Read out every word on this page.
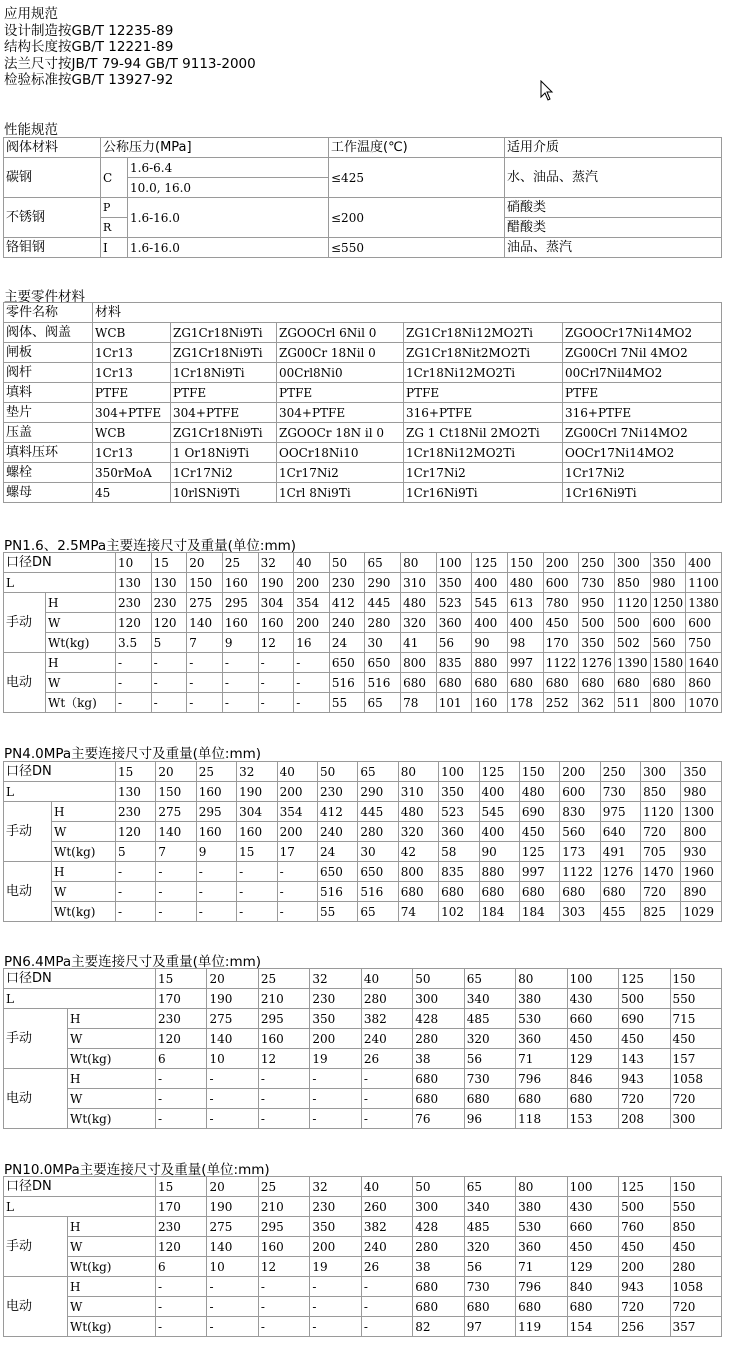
应用规范
设计制造按GB/T 12235-89
结构长度按GB/T 12221-89
法兰尺寸按JB/T 79-94 GB/T 9113-2000
检验标准按GB/T 13927-92
性能规范
阀体材料	公称压力(MPa]		工作温度(℃)	适用介质
碳钢	C	1.6-6.4	≤425	水、油品、蒸汽
		10.0, 16.0		
不锈钢	P	1.6-16.0	≤200	硝酸类
	R			醋酸类
铬钼钢	I	1.6-16.0	≤550	油品、蒸汽
主要零件材料
零件名称	材料				
阀体、阀盖	WCB	ZG1Cr18Ni9Ti	ZGOOCrl 6Nil 0	ZG1Cr18Ni12MO2Ti	ZGOOCr17Ni14MO2
闸板	1Cr13	ZG1Cr18Ni9Ti	ZG00Cr 18Nil 0	ZG1Cr18Nit2MO2Ti	ZG00Crl 7Nil 4MO2
阀杆	1Cr13	1Cr18Ni9Ti	00Crl8Ni0	1Cr18Ni12MO2Ti	00Crl7Nil4MO2
填料	PTFE	PTFE	PTFE	PTFE	PTFE
垫片	304+PTFE	304+PTFE	304+PTFE	316+PTFE	316+PTFE
压盖	WCB	ZG1Cr18Ni9Ti	ZGOOCr 18N il 0	ZG 1 Ct18Nil 2MO2Ti	ZG00Crl 7Ni14MO2
填料压环	1Cr13	1 Or18Ni9Ti	OOCr18Ni10	1Cr18Ni12MO2Ti	OOCr17Ni14MO2
螺栓	350rMoA	1Cr17Ni2	1Cr17Ni2	1Cr17Ni2	1Cr17Ni2
螺母	45	10rlSNi9Ti	1Crl 8Ni9Ti	1Cr16Ni9Ti	1Cr16Ni9Ti
PN1.6、2.5MPa主要连接尺寸及重量(单位:mm)
口径DN		10	15	20	25	32	40	50	65	80	100	125	150	200	250	300	350	400
L		130	130	150	160	190	200	230	290	310	350	400	480	600	730	850	980	1100
手动	H	230	230	275	295	304	354	412	445	480	523	545	613	780	950	1120	1250	1380
	W	120	120	140	160	160	200	240	280	320	360	400	400	450	500	500	600	600
	Wt(kg)	3.5	5	7	9	12	16	24	30	41	56	90	98	170	350	502	560	750
电动	H	-	-	-	-	-	-	650	650	800	835	880	997	1122	1276	1390	1580	1640
	W	-	-	-	-	-	-	516	516	680	680	680	680	680	680	680	680	860
	Wt（kg)	-	-	-	-	-	-	55	65	78	101	160	178	252	362	511	800	1070
PN4.0MPa主要连接尺寸及重量(单位:mm)
口径DN		15	20	25	32	40	50	65	80	100	125	150	200	250	300	350
L		130	150	160	190	200	230	290	310	350	400	480	600	730	850	980
手动	H	230	275	295	304	354	412	445	480	523	545	690	830	975	1120	1300
	W	120	140	160	160	200	240	280	320	360	400	450	560	640	720	800
	Wt(kg)	5	7	9	15	17	24	30	42	58	90	125	173	491	705	930
电动	H	-	-	-	-	-	650	650	800	835	880	997	1122	1276	1470	1960
	W	-	-	-	-	-	516	516	680	680	680	680	680	680	720	890
	Wt(kg)	-	-	-	-	-	55	65	74	102	184	184	303	455	825	1029
PN6.4MPa主要连接尺寸及重量(单位:mm)
口径DN		15	20	25	32	40	50	65	80	100	125	150
L		170	190	210	230	280	300	340	380	430	500	550
手动	H	230	275	295	350	382	428	485	530	660	690	715
	W	120	140	160	200	240	280	320	360	450	450	450
	Wt(kg)	6	10	12	19	26	38	56	71	129	143	157
电动	H	-	-	-	-	-	680	730	796	846	943	1058
	W	-	-	-	-	-	680	680	680	680	720	720
	Wt(kg)	-	-	-	-	-	76	96	118	153	208	300
PN10.0MPa主要连接尺寸及重量(单位:mm)
口径DN		15	20	25	32	40	50	65	80	100	125	150
L		170	190	210	230	260	300	340	380	430	500	550
手动	H	230	275	295	350	382	428	485	530	660	760	850
	W	120	140	160	200	240	280	320	360	450	450	450
	Wt(kg)	6	10	12	19	26	38	56	71	129	200	280
电动	H	-	-	-	-	-	680	730	796	840	943	1058
	W	-	-	-	-	-	680	680	680	680	720	720
	Wt(kg)	-	-	-	-	-	82	97	119	154	256	357
